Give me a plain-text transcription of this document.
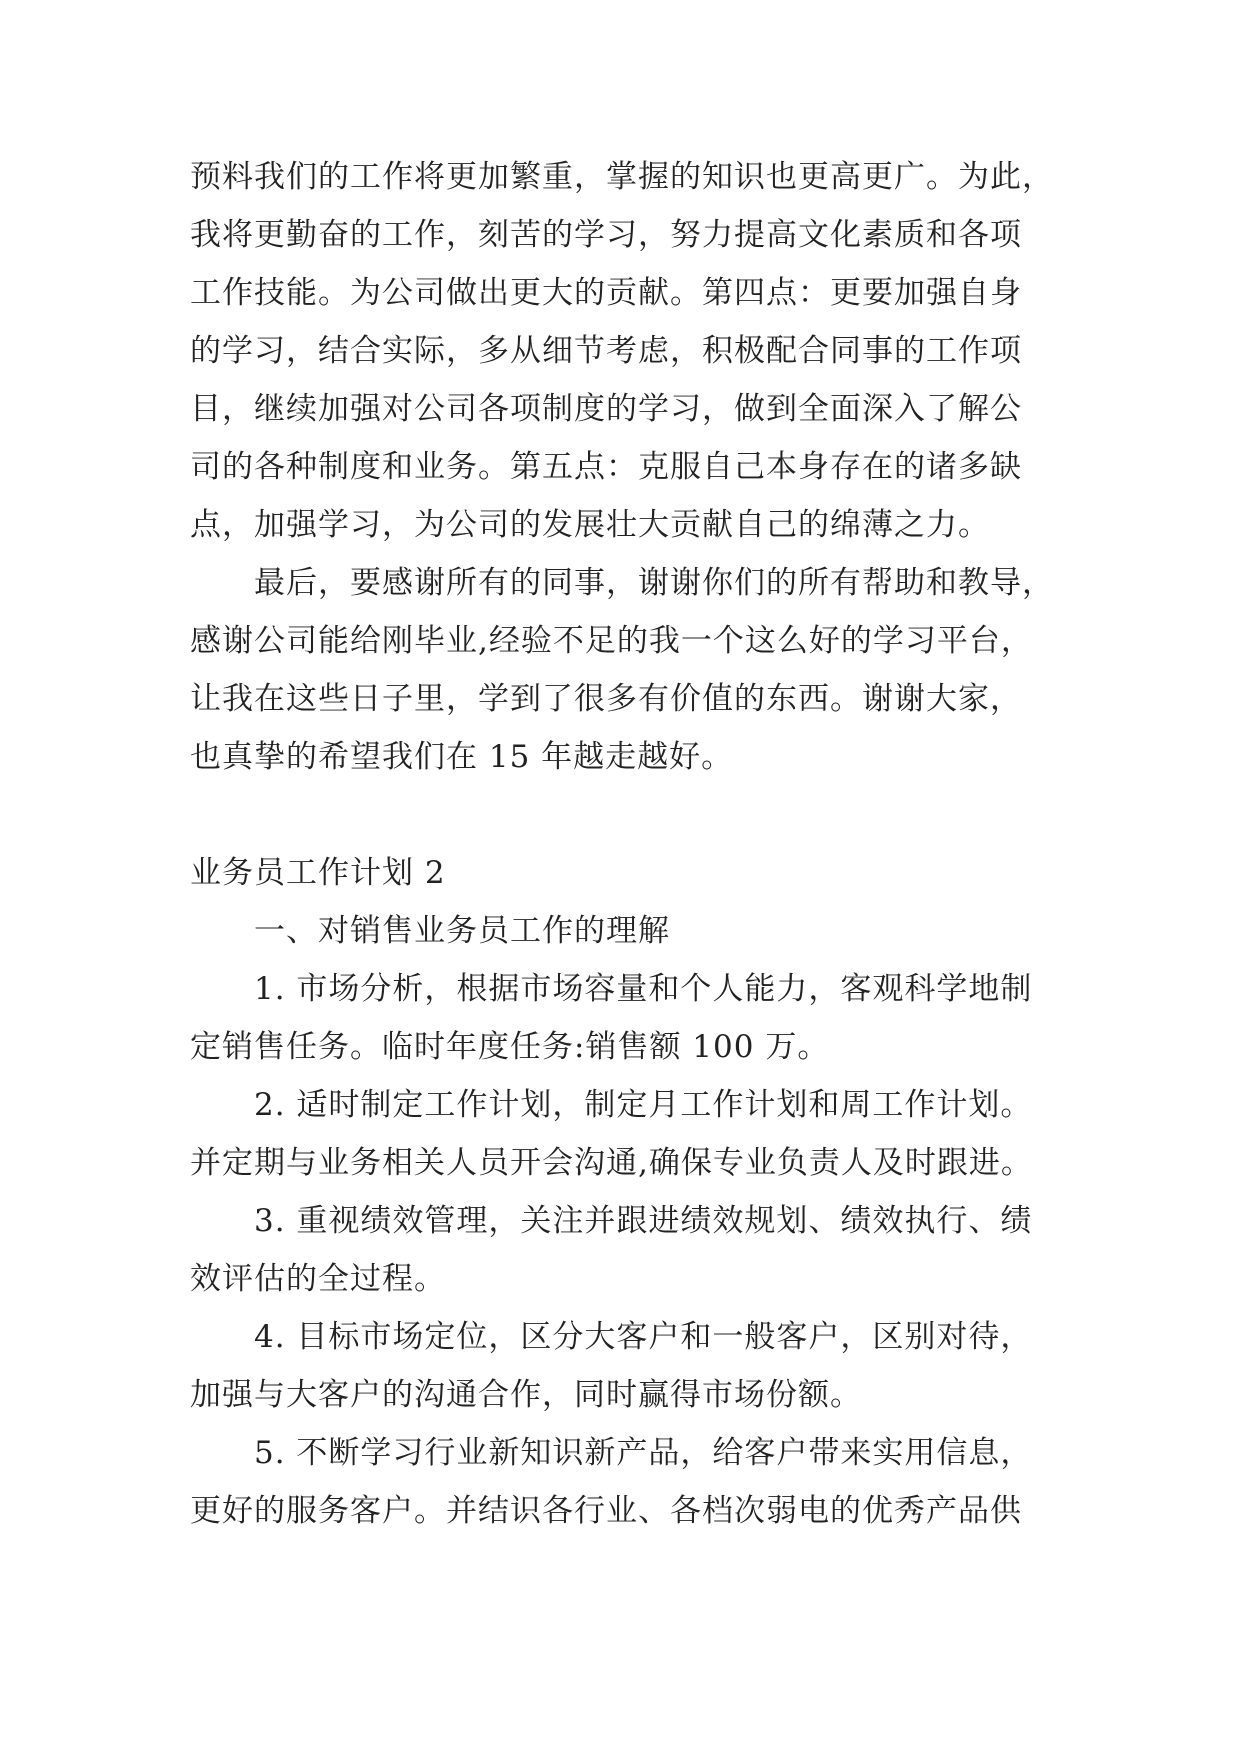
预料我们的工作将更加繁重，掌握的知识也更高更广。为此，
我将更勤奋的工作，刻苦的学习，努力提高文化素质和各项
工作技能。为公司做出更大的贡献。第四点：更要加强自身
的学习，结合实际，多从细节考虑，积极配合同事的工作项
目，继续加强对公司各项制度的学习，做到全面深入了解公
司的各种制度和业务。第五点：克服自己本身存在的诸多缺
点，加强学习，为公司的发展壮大贡献自己的绵薄之力。
最后，要感谢所有的同事，谢谢你们的所有帮助和教导，
感谢公司能给刚毕业,经验不足的我一个这么好的学习平台，
让我在这些日子里，学到了很多有价值的东西。谢谢大家，
也真挚的希望我们在 15 年越走越好。
业务员工作计划 2
一、对销售业务员工作的理解
1. 市场分析，根据市场容量和个人能力，客观科学地制
定销售任务。临时年度任务:销售额 100 万。
2. 适时制定工作计划，制定月工作计划和周工作计划。
并定期与业务相关人员开会沟通,确保专业负责人及时跟进。
3. 重视绩效管理，关注并跟进绩效规划、绩效执行、绩
效评估的全过程。
4. 目标市场定位，区分大客户和一般客户，区别对待，
加强与大客户的沟通合作，同时赢得市场份额。
5. 不断学习行业新知识新产品，给客户带来实用信息，
更好的服务客户。并结识各行业、各档次弱电的优秀产品供
